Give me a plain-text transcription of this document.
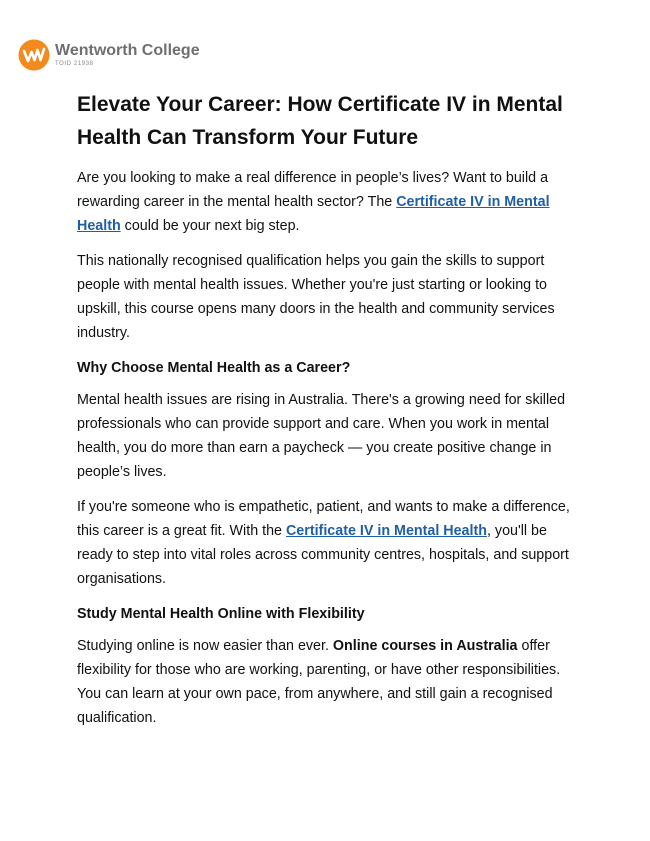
Wentworth College
TOID 21938
Elevate Your Career: How Certificate IV in Mental Health Can Transform Your Future

Are you looking to make a real difference in people’s lives? Want to build a rewarding career in the mental health sector? The Certificate IV in Mental Health could be your next big step.

This nationally recognised qualification helps you gain the skills to support people with mental health issues. Whether you're just starting or looking to upskill, this course opens many doors in the health and community services industry.

Why Choose Mental Health as a Career?

Mental health issues are rising in Australia. There's a growing need for skilled professionals who can provide support and care. When you work in mental health, you do more than earn a paycheck — you create positive change in people’s lives.

If you're someone who is empathetic, patient, and wants to make a difference, this career is a great fit. With the Certificate IV in Mental Health, you'll be ready to step into vital roles across community centres, hospitals, and support organisations.

Study Mental Health Online with Flexibility

Studying online is now easier than ever. Online courses in Australia offer flexibility for those who are working, parenting, or have other responsibilities. You can learn at your own pace, from anywhere, and still gain a recognised qualification.
